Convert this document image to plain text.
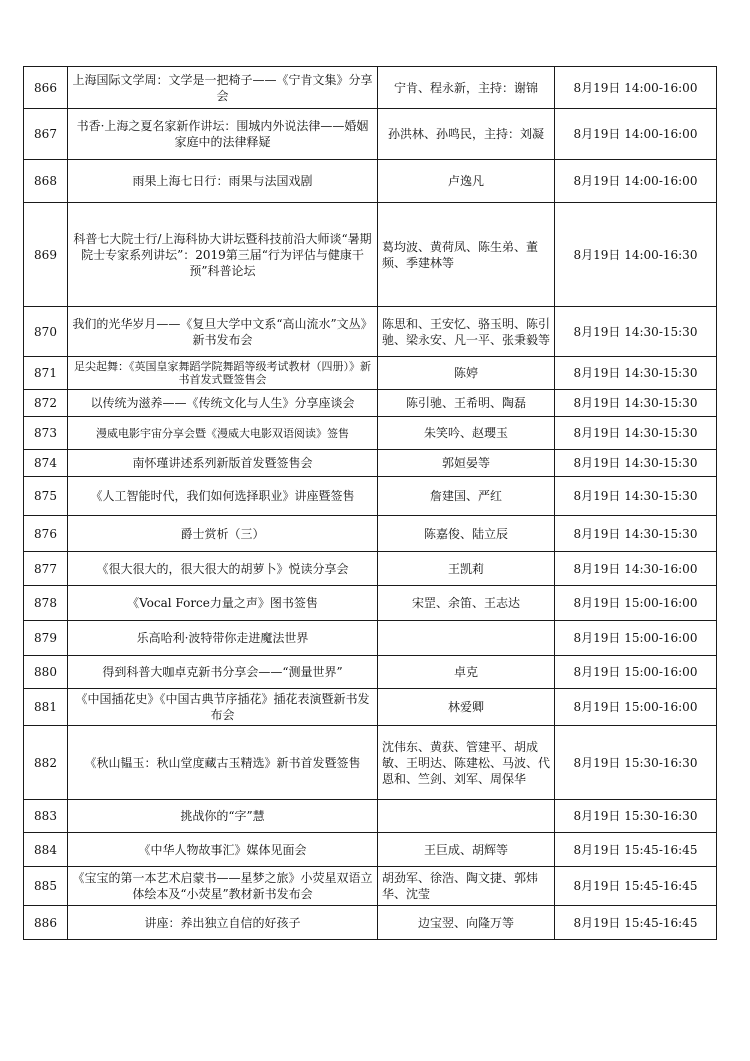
866	上海国际文学周：文学是一把椅子——《宁肯文集》分享会	宁肯、程永新，主持：谢锦	8月19日 14:00-16:00
867	书香·上海之夏名家新作讲坛：围城内外说法律——婚姻家庭中的法律释疑	孙洪林、孙鸣民，主持：刘凝	8月19日 14:00-16:00
868	雨果上海七日行：雨果与法国戏剧	卢逸凡	8月19日 14:00-16:00
869	科普七大院士行/上海科协大讲坛暨科技前沿大师谈“暑期院士专家系列讲坛”：2019第三届“行为评估与健康干预”科普论坛	葛均波、黄荷凤、陈生弟、董频、季建林等	8月19日 14:00-16:30
870	我们的光华岁月——《复旦大学中文系“高山流水”文丛》新书发布会	陈思和、王安忆、骆玉明、陈引驰、梁永安、凡一平、张秉毅等	8月19日 14:30-15:30
871	足尖起舞：《英国皇家舞蹈学院舞蹈等级考试教材（四册）》新书首发式暨签售会	陈婷	8月19日 14:30-15:30
872	以传统为滋养——《传统文化与人生》分享座谈会	陈引驰、王希明、陶磊	8月19日 14:30-15:30
873	漫威电影宇宙分享会暨《漫威大电影双语阅读》签售	朱笑吟、赵瓔玉	8月19日 14:30-15:30
874	南怀瑾讲述系列新版首发暨签售会	郭姮晏等	8月19日 14:30-15:30
875	《人工智能时代，我们如何选择职业》讲座暨签售	詹建国、严红	8月19日 14:30-15:30
876	爵士赏析（三）	陈嘉俊、陆立辰	8月19日 14:30-15:30
877	《很大很大的，很大很大的胡萝卜》悦读分享会	王凯莉	8月19日 14:30-16:00
878	《Vocal Force力量之声》图书签售	宋罡、余笛、王志达	8月19日 15:00-16:00
879	乐高哈利·波特带你走进魔法世界		8月19日 15:00-16:00
880	得到科普大咖卓克新书分享会——“测量世界”	卓克	8月19日 15:00-16:00
881	《中国插花史》《中国古典节序插花》插花表演暨新书发布会	林爱卿	8月19日 15:00-16:00
882	《秋山韫玉：秋山堂度藏古玉精选》新书首发暨签售	沈伟东、黄获、管建平、胡成敏、王明达、陈建松、马波、代恩和、竺剑、刘军、周保华	8月19日 15:30-16:30
883	挑战你的“字”慧		8月19日 15:30-16:30
884	《中华人物故事汇》媒体见面会	王巨成、胡辉等	8月19日 15:45-16:45
885	《宝宝的第一本艺术启蒙书——星梦之旅》小荧星双语立体绘本及“小荧星”教材新书发布会	胡劲军、徐浩、陶文捷、郭炜华、沈莹	8月19日 15:45-16:45
886	讲座：养出独立自信的好孩子	边宝翌、向隆万等	8月19日 15:45-16:45
